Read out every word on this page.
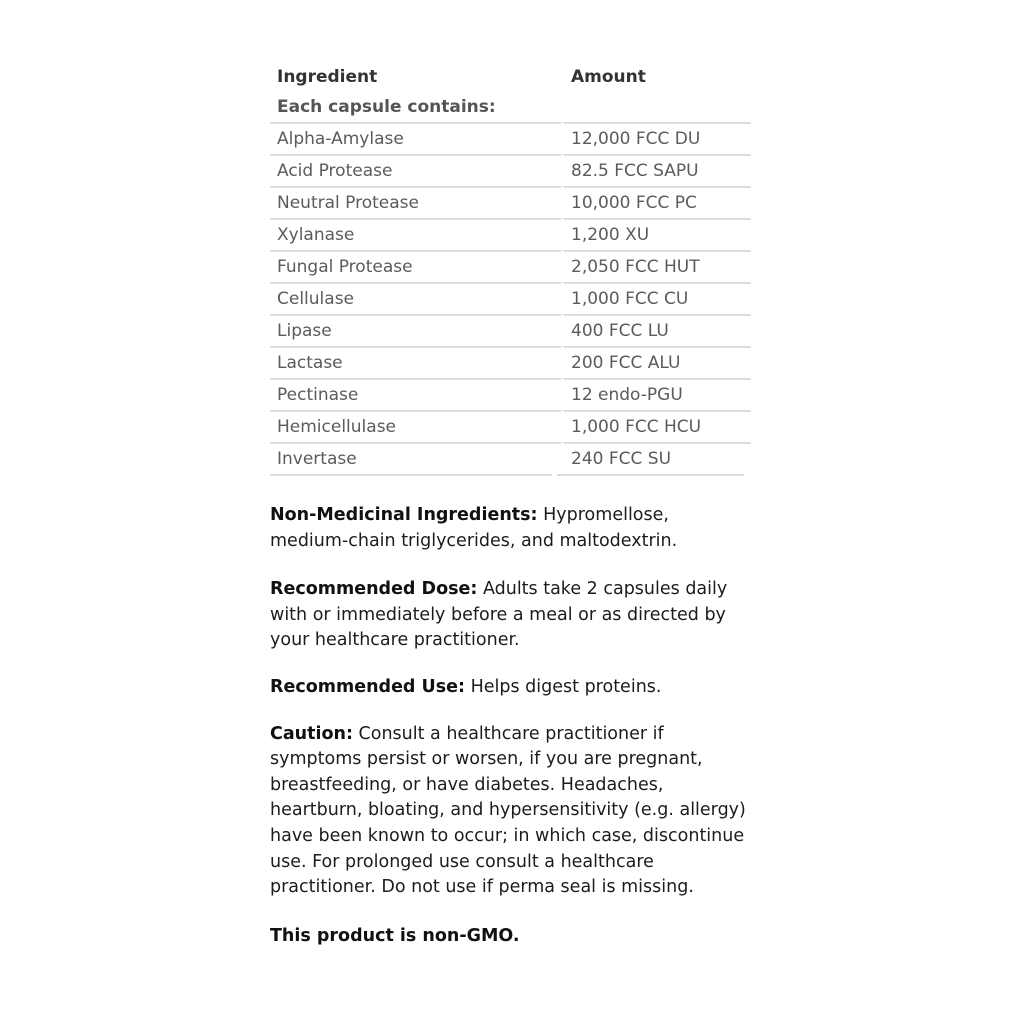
Ingredient	Amount
Each capsule contains:	
Alpha-Amylase	12,000 FCC DU
Acid Protease	82.5 FCC SAPU
Neutral Protease	10,000 FCC PC
Xylanase	1,200 XU
Fungal Protease	2,050 FCC HUT
Cellulase	1,000 FCC CU
Lipase	400 FCC LU
Lactase	200 FCC ALU
Pectinase	12 endo-PGU
Hemicellulase	1,000 FCC HCU
Invertase	240 FCC SU

Non-Medicinal Ingredients: Hypromellose, medium-chain triglycerides, and maltodextrin.

Recommended Dose: Adults take 2 capsules daily with or immediately before a meal or as directed by your healthcare practitioner.

Recommended Use: Helps digest proteins.

Caution: Consult a healthcare practitioner if symptoms persist or worsen, if you are pregnant, breastfeeding, or have diabetes. Headaches, heartburn, bloating, and hypersensitivity (e.g. allergy) have been known to occur; in which case, discontinue use. For prolonged use consult a healthcare practitioner. Do not use if perma seal is missing.

This product is non-GMO.
